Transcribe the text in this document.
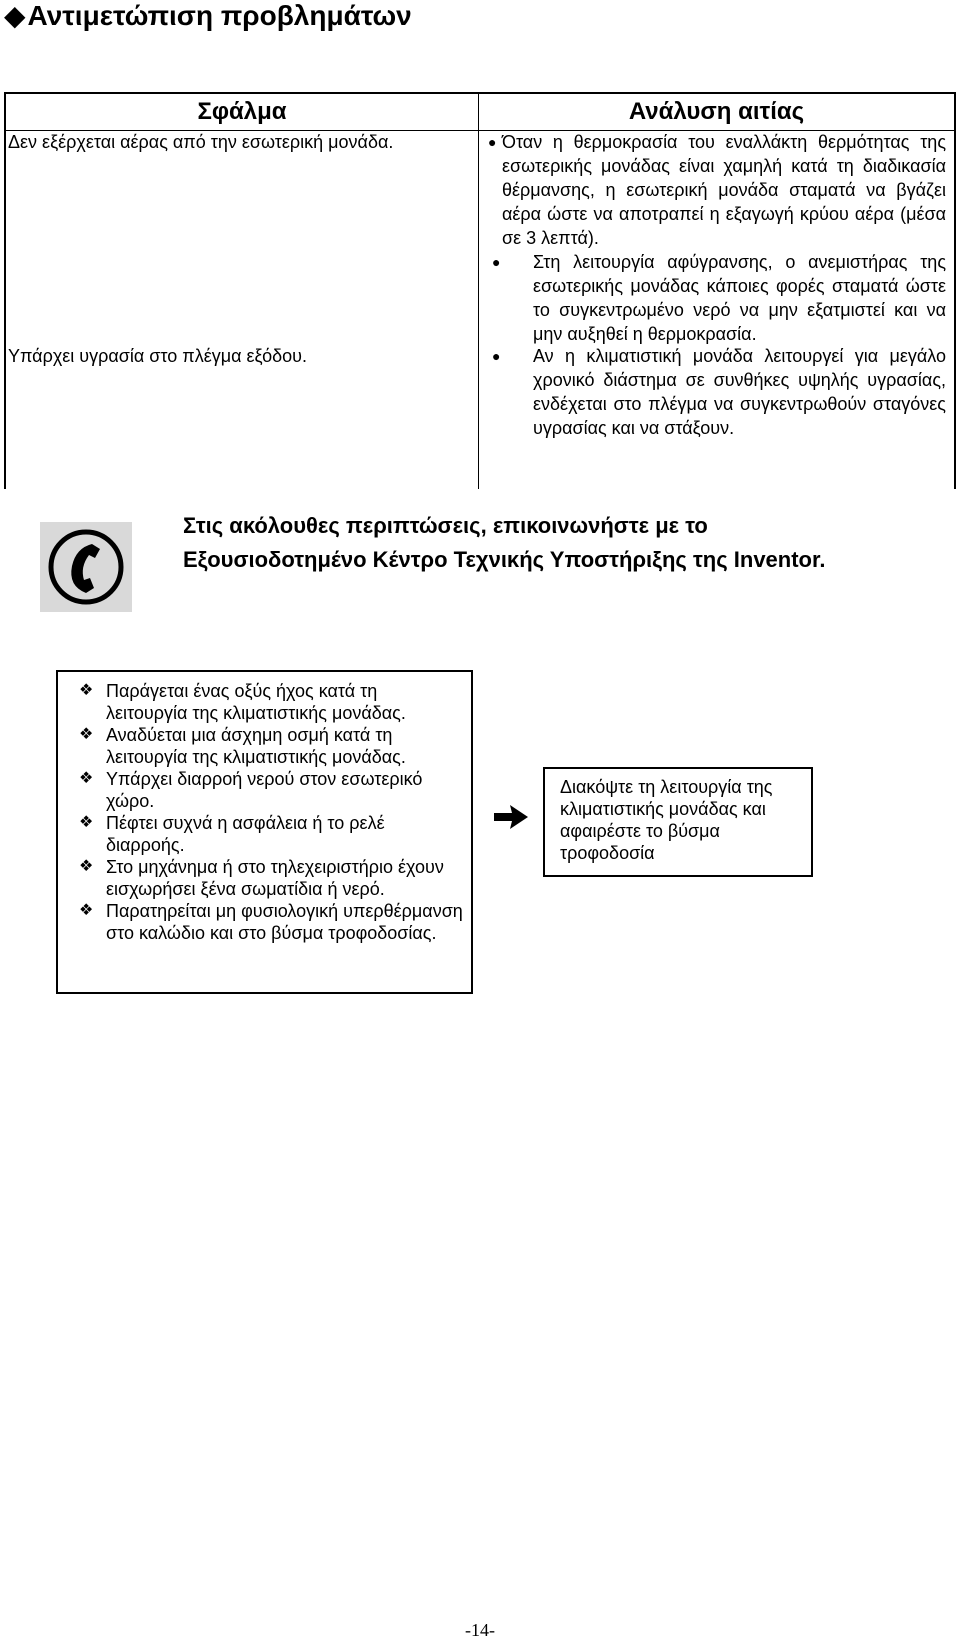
◆Αντιμετώπιση προβλημάτων
Σφάλμα	Ανάλυση αιτίας
Δεν εξέρχεται αέρας από την εσωτερική μονάδα.	● Όταν η θερμοκρασία του εναλλάκτη θερμότητας της εσωτερικής μονάδας είναι χαμηλή κατά τη διαδικασία θέρμανσης, η εσωτερική μονάδα σταματά να βγάζει αέρα ώστε να αποτραπεί η εξαγωγή κρύου αέρα (μέσα σε 3 λεπτά).
● Στη λειτουργία αφύγρανσης, ο ανεμιστήρας της εσωτερικής μονάδας κάποιες φορές σταματά ώστε το συγκεντρωμένο νερό να μην εξατμιστεί και να μην αυξηθεί η θερμοκρασία.
Υπάρχει υγρασία στο πλέγμα εξόδου.	● Αν η κλιματιστική μονάδα λειτουργεί για μεγάλο χρονικό διάστημα σε συνθήκες υψηλής υγρασίας, ενδέχεται στο πλέγμα να συγκεντρωθούν σταγόνες υγρασίας και να στάξουν.
Στις ακόλουθες περιπτώσεις, επικοινωνήστε με το
Εξουσιοδοτημένο Κέντρο Τεχνικής Υποστήριξης της Inventor.
❖ Παράγεται ένας οξύς ήχος κατά τη λειτουργία της κλιματιστικής μονάδας.
❖ Αναδύεται μια άσχημη οσμή κατά τη λειτουργία της κλιματιστικής μονάδας.
❖ Υπάρχει διαρροή νερού στον εσωτερικό χώρο.
❖ Πέφτει συχνά η ασφάλεια ή το ρελέ διαρροής.
❖ Στο μηχάνημα ή στο τηλεχειριστήριο έχουν εισχωρήσει ξένα σωματίδια ή νερό.
❖ Παρατηρείται μη φυσιολογική υπερθέρμανση στο καλώδιο και στο βύσμα τροφοδοσίας.
Διακόψτε τη λειτουργία της κλιματιστικής μονάδας και αφαιρέστε το βύσμα τροφοδοσία
-14-
